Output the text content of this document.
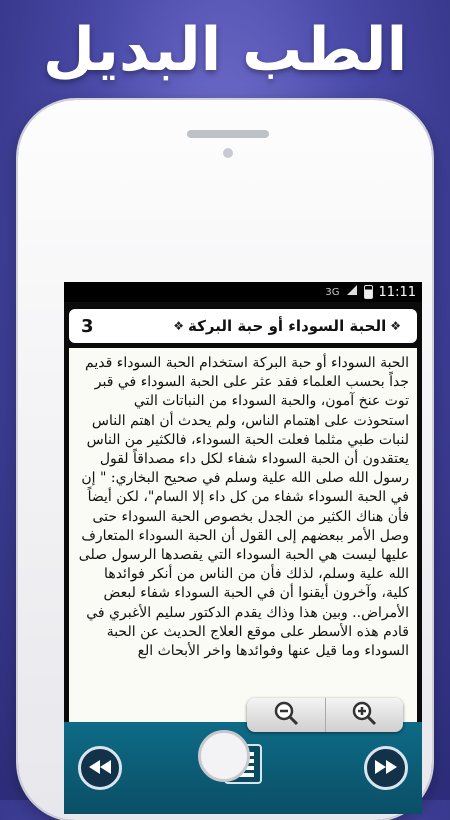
الطب البديل
3G	11:11
3	❖
الحبة السوداء أو حبة البركة
❖

الحبة السوداء أو حبة البركة استخدام الحبة السوداء قديم جداً بحسب العلماء فقد عثر على الحبة السوداء في قبر توت عنخ آمون، والحبة السوداء من النباتات التي استحوذت على اهتمام الناس، ولم يحدث أن اهتم الناس لنبات طبي مثلما فعلت الحبة السوداء، فالكثير من الناس يعتقدون أن الحبة السوداء شفاء لكل داء مصداقاً لقول رسول الله صلى الله علية وسلم في صحيح البخاري: " إن في الحبة السوداء شفاء من كل داء إلا السام"، لكن أيضاً فأن هناك الكثير من الجدل بخصوص الحبة السوداء حتى وصل الأمر ببعضهم إلى القول أن الحبة السوداء المتعارف عليها ليست هي الحبة السوداء التي يقصدها الرسول صلى الله علية وسلم، لذلك فأن من الناس من أنكر فوائدها كلية، وآخرون أيقنوا أن في الحبة السوداء شفاء لبعض الأمراض.. وبين هذا وذاك يقدم الدكتور سليم الأغبري في قادم هذه الأسطر على موقع العلاج الحديث عن الحبة السوداء وما قيل عنها وفوائدها واخر الأبحاث الع
